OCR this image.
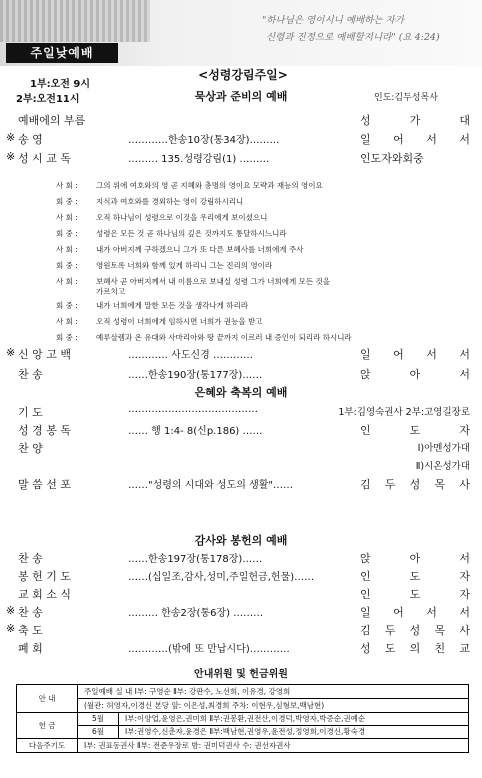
"하나님은 영이시니 예배하는 자가
신령과 진정으로 예배할지니라" (요 4:24)
주일낮예배
1부:오전 9시
2부:오전11시
<성령강림주일>
묵상과 준비의 예배	인도:김두성목사
예배에의 부름	성	가	대
※ 송 영	…………한송10장(통34장)………	일 어 서 서
※ 성 시 교 독	……… 135.성령강림(1) ………	인도자와회중
사 회 :	그의 위에 여호와의 영 곧 지혜와 총명의 영이요 모략과 재능의 영이요
회 중 :	지식과 여호와를 경외하는 영이 강림하시리니
사 회 :	오직 하나님이 성령으로 이것을 우리에게 보이셨으니
회 중 :	성령은 모든 것 곧 하나님의 깊은 것까지도 통달하시느니라
사 회 :	내가 아버지께 구하겠으니 그가 또 다른 보혜사를 너희에게 주사
회 중 :	영원토록 너희와 함께 있게 하리니 그는 진리의 영이라
사 회 :	보혜사 곧 아버지께서 내 이름으로 보내실 성령 그가 너희에게 모든 것을
가르치고
회 중 :	내가 너희에게 말한 모든 것을 생각나게 하리라
사 회 :	오직 성령이 너희에게 임하시면 너희가 권능을 받고
회 중 :	예루살렘과 온 유대와 사마리아와 땅 끝까지 이르러 내 증인이 되리라 하시니라
※ 신 앙 고 백	………… 사도신경 …………	일 어 서 서
찬 송	……한송190장(통177장)……	앉	아	서
은혜와 축복의 예배
기 도	…………………………………	1부:김영숙권사 2부:고영길장로
성 경 봉 독	…… 행 1:4- 8(신p.186) ……	인	도	자
찬 양	Ⅰ)아멘성가대
Ⅱ)시온성가대
말 씀 선 포	……"성령의 시대와 성도의 생활"……	김 두 성 목 사
감사와 봉헌의 예배
찬 송	……한송197장(통178장)……	앉	아	서
봉 헌 기 도	……(십일조,감사,성미,주일헌금,헌물)……	인	도	자
교 회 소 식	인	도	자
※ 찬 송	……… 한송2장(통6장) ………	일 어 서 서
※ 축 도	김 두 성 목 사
폐 회	…………(밖에 또 만납시다)…………	성 도 의 친 교
안내위원 및 헌금위원
안 내
주일예배 실 내 Ⅰ부: 구영순 Ⅱ부: 강판수, 노선희, 이유경, 강영희
(월관: 허영자,이경신 본당 앞: 이은성,최경희 주차: 이현우,심형보,백남현)
헌 금
5월	Ⅰ부:이양업,윤영은,권미희 Ⅱ부:권봉환,권전산,이경덕,박영자,박증순,권예순
6월	Ⅰ부:권영수,신춘자,윤경은 Ⅱ부:백남현,권영우,윤전성,정영희,이경신,황숙경
다음주기도	Ⅰ부: 권표동권사 Ⅱ부: 전준우장로 밤: 권미덕권사 수: 권선자권사
